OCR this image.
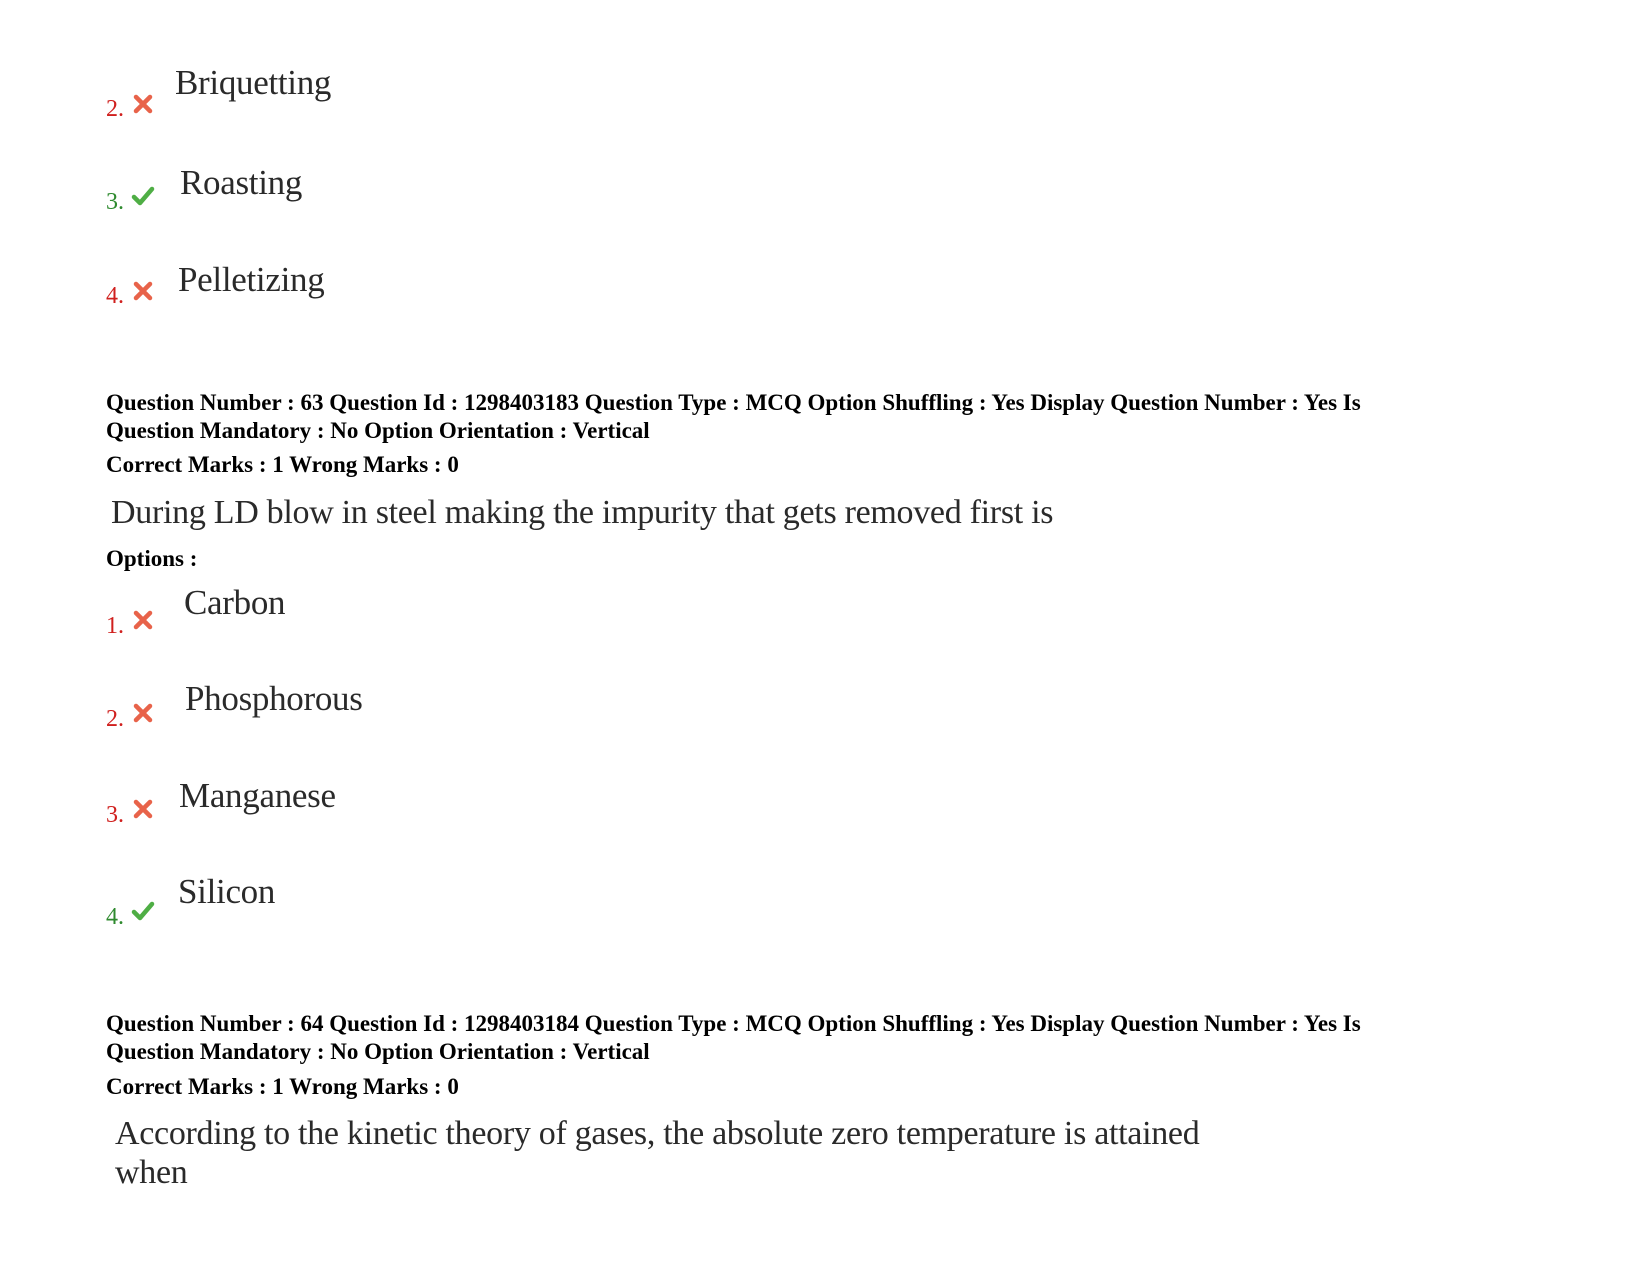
2.
Briquetting
3. Roasting
4. Pelletizing
Question Number : 63 Question Id : 1298403183 Question Type : MCQ Option Shuffling : Yes Display Question Number : Yes Is
Question Mandatory : No Option Orientation : Vertical
Correct Marks : 1 Wrong Marks : 0
During LD blow in steel making the impurity that gets removed first is
Options :
1.
Carbon
2.
Phosphorous
3. Manganese
4.
Silicon
Question Number : 64 Question Id : 1298403184 Question Type : MCQ Option Shuffling : Yes Display Question Number : Yes Is
Question Mandatory : No Option Orientation : Vertical
Correct Marks : 1 Wrong Marks : 0
According to the kinetic theory of gases, the absolute zero temperature is attained
when
